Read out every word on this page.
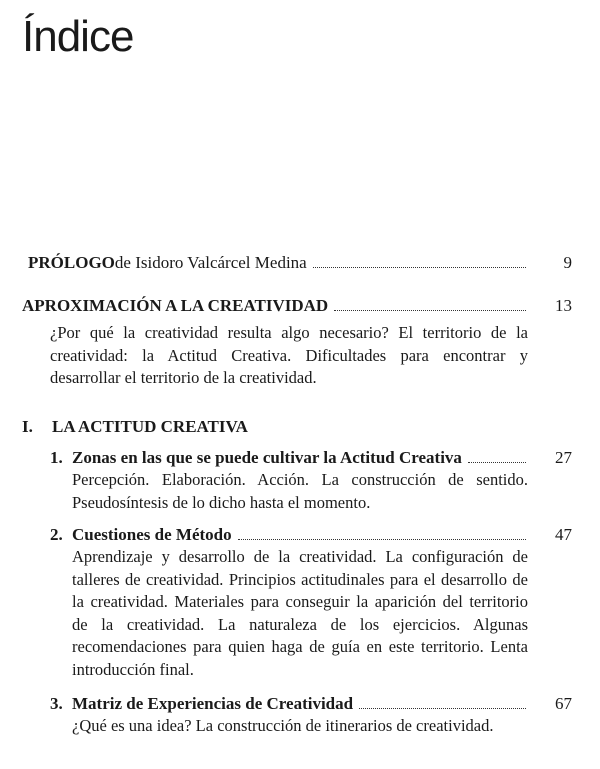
Índice
PRÓLOGO de Isidoro Valcárcel Medina	9
APROXIMACIÓN A LA CREATIVIDAD	13

¿Por qué la creatividad resulta algo necesario? El territorio de la creatividad: la Actitud Creativa. Dificultades para encontrar y desarrollar el territorio de la creatividad.

I. LA ACTITUD CREATIVA
1. Zonas en las que se puede cultivar la Actitud Creativa	27

Percepción. Elaboración. Acción. La construcción de sentido. Pseudosíntesis de lo dicho hasta el momento.

2. Cuestiones de Método	47

Aprendizaje y desarrollo de la creatividad. La configuración de talleres de creatividad. Principios actitudinales para el desarrollo de la creatividad. Materiales para conseguir la aparición del territorio de la creatividad. La naturaleza de los ejercicios. Algunas recomendaciones para quien haga de guía en este territorio. Lenta introducción final.

3. Matriz de Experiencias de Creatividad	67

¿Qué es una idea? La construcción de itinerarios de creatividad.
